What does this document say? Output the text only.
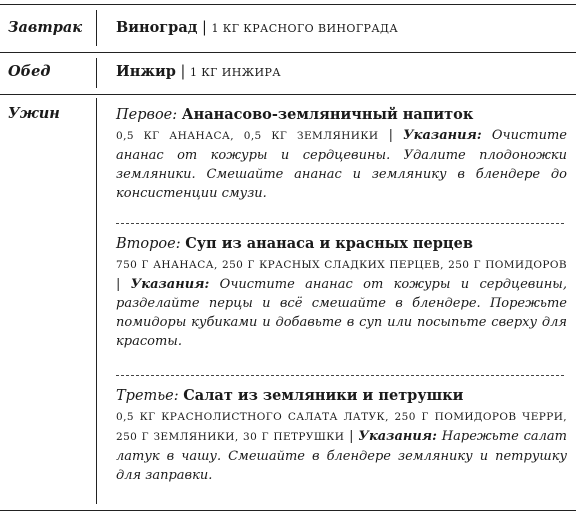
Завтрак Виноград | 1 КГ КРАСНОГО ВИНОГРАДА
Обед	Инжир | 1 КГ ИНЖИРА
Ужин	Первое: Ананасово-земляничный напиток
0,5 КГ АНАНАСА, 0,5 КГ ЗЕМЛЯНИКИ | Указания: Очистите ананас от кожуры и сердцевины. Удалите плодоножки земляники. Смешайте ананас и землянику в блендере до консистенции смузи.
Второе: Суп из ананаса и красных перцев
750 Г АНАНАСА, 250 Г КРАСНЫХ СЛАДКИХ ПЕРЦЕВ, 250 Г ПОМИДОРОВ | Указания: Очистите ананас от кожуры и сердцевины, разделайте перцы и всё смешайте в блендере. Порежьте помидоры кубиками и добавьте в суп или посыпьте сверху для красоты.
Третье: Салат из земляники и петрушки
0,5 КГ КРАСНОЛИСТНОГО САЛАТА ЛАТУК, 250 Г ПОМИДОРОВ ЧЕРРИ, 250 Г ЗЕМЛЯНИКИ, 30 Г ПЕТРУШКИ | Указания: Нарежьте салат латук в чашу. Смешайте в блендере землянику и петрушку для заправки.
